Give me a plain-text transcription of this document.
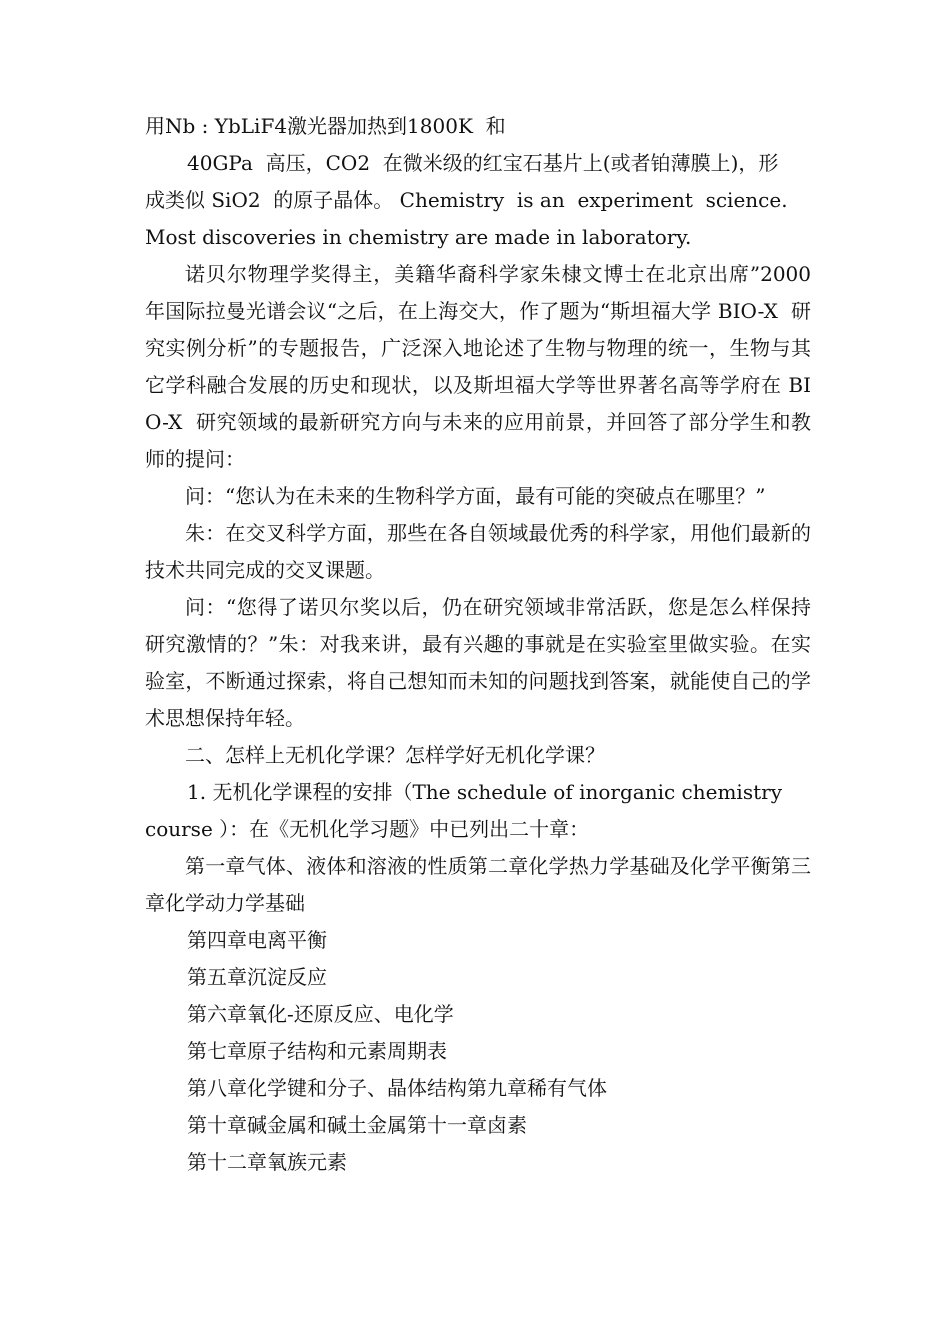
用Nb : YbLiF4激光器加热到1800K  和
40GPa  高压，CO2  在微米级的红宝石基片上(或者铂薄膜上)，形
成类似 SiO2  的原子晶体。 Chemistry  is an  experiment  science.
Most discoveries in chemistry are made in laboratory.

诺贝尔物理学奖得主，美籍华裔科学家朱棣文博士在北京出席”2000  年国际拉曼光谱会议“之后，在上海交大，作了题为“斯坦福大学 BIO-X  研究实例分析”的专题报告，广泛深入地论述了生物与物理的统一，生物与其它学科融合发展的历史和现状，以及斯坦福大学等世界著名高等学府在 BIO-X  研究领域的最新研究方向与未来的应用前景，并回答了部分学生和教师的提问：

问：“您认为在未来的生物科学方面，最有可能的突破点在哪里？”

朱：在交叉科学方面，那些在各自领域最优秀的科学家，用他们最新的技术共同完成的交叉课题。

问：“您得了诺贝尔奖以后，仍在研究领域非常活跃，您是怎么样保持研究激情的？”朱：对我来讲，最有兴趣的事就是在实验室里做实验。在实验室，不断通过探索，将自己想知而未知的问题找到答案，就能使自己的学术思想保持年轻。

二、怎样上无机化学课？怎样学好无机化学课？

1. 无机化学课程的安排（The schedule of inorganic chemistry
course ）：在《无机化学习题》中已列出二十章：

第一章气体、液体和溶液的性质第二章化学热力学基础及化学平衡第三章化学动力学基础

第四章电离平衡

第五章沉淀反应

第六章氧化-还原反应、电化学

第七章原子结构和元素周期表

第八章化学键和分子、晶体结构第九章稀有气体

第十章碱金属和碱土金属第十一章卤素

第十二章氧族元素
